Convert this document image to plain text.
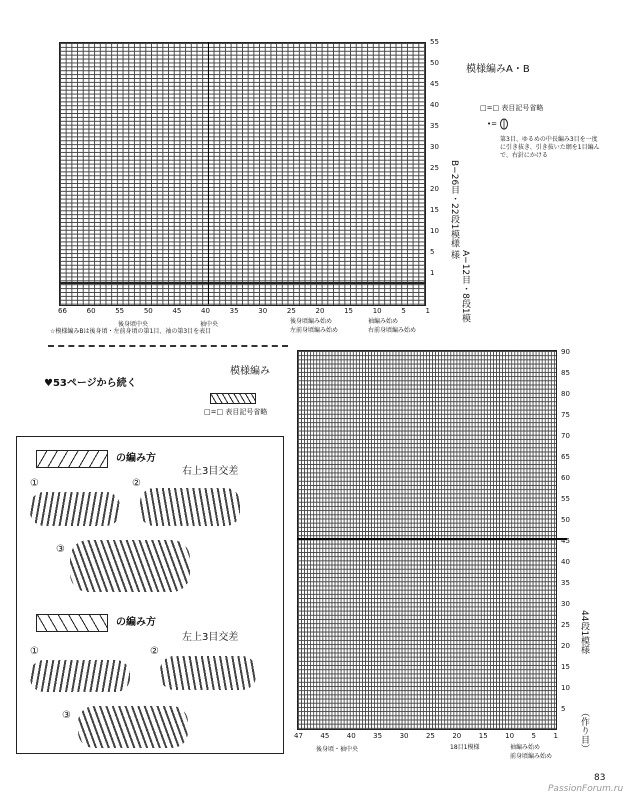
55
50
45
40
35
30
25
20
15
10
5
1
B−26目・22段1模様
A−12目・8段1模様
66	60	55	50	45	40	35	30	25	20	15	10	5	1
後身頃中央	袖中央	後身頃編み始め
左前身頃編み始め
袖編み始め
右前身頃編み始め
☆模様編みBは後身頃・左前身頃の第1目、袖の第3目を表目
模様編みA・B
□=□ 表目記号省略
•=
第3目、ゆるめの中長編み3目を一度に引き抜き、引き抜いた網を1目編んで、右針にかける
♥53ページから続く
模様編み
□=□ 表目記号省略
の編み方
右上3目交差
①	②
③
の編み方
左上3目交差
①	②
③
90
85
80
75
70
65
60
55
50
45
40
35
30
25
20
15
10
5
44段1模様
（作り目）
47 45 40 35 30 25 20 15 10 5 1
後身頃・袖中央	18目1模様	袖編み始め
前身頃編み始め
83
PassionForum.ru
